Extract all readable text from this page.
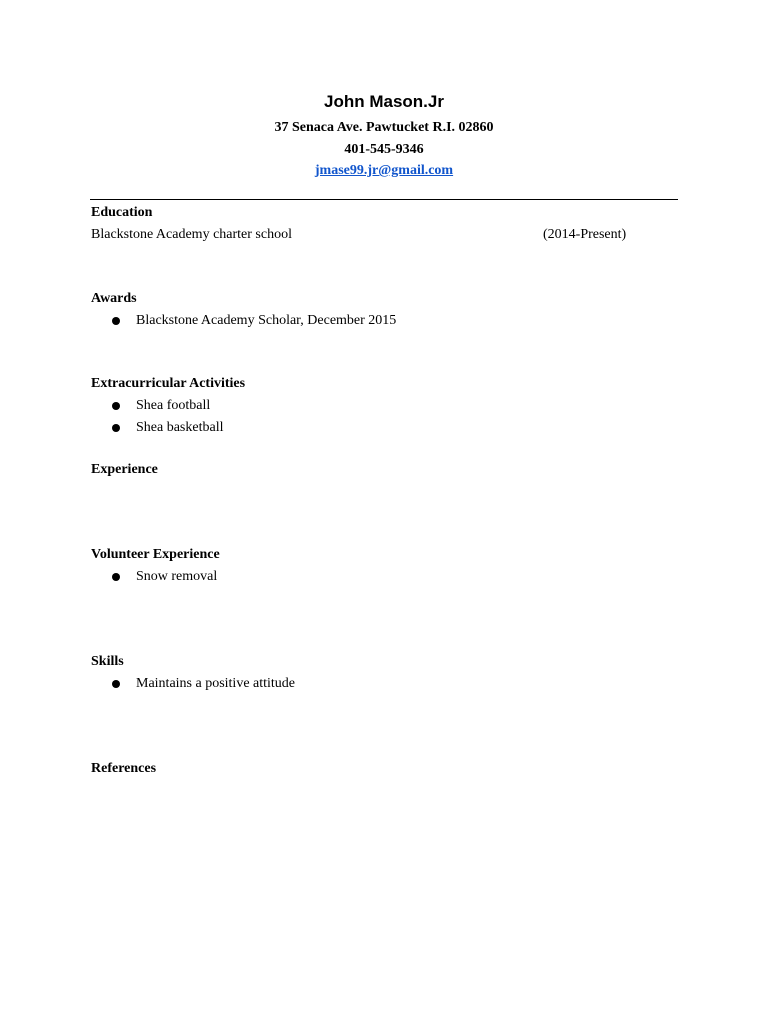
John Mason.Jr
37 Senaca Ave. Pawtucket R.I. 02860
401-545-9346
jmase99.jr@gmail.com
Education
Blackstone Academy charter school	(2014-Present)
Awards
Blackstone Academy Scholar, December 2015
Extracurricular Activities
Shea football
Shea basketball
Experience
Volunteer Experience
Snow removal
Skills
Maintains a positive attitude
References
